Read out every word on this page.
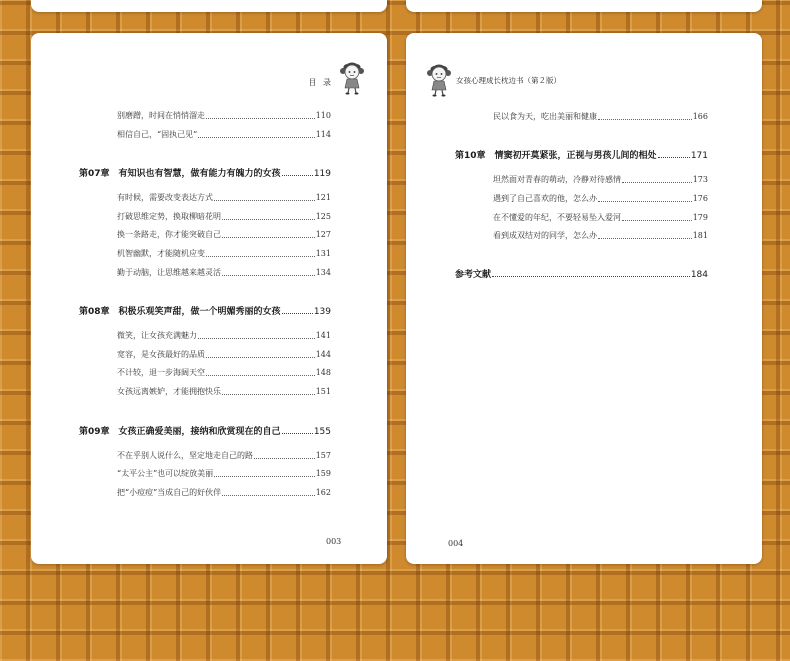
目 录
别磨蹭，时间在悄悄溜走	110
相信自己，“固执己见”	114
第07章　有知识也有智慧，做有能力有魄力的女孩	119
有时候，需要改变表达方式	121
打破思维定势，换取柳暗花明	125
换一条路走，你才能突破自己	127
机智幽默，才能随机应变	131
勤于动脑，让思维越来越灵活	134
第08章　积极乐观笑声甜，做一个明媚秀丽的女孩	139
微笑，让女孩充满魅力	141
宽容，是女孩最好的品质	144
不计较，退一步海阔天空	148
女孩远离嫉妒，才能拥抱快乐	151
第09章　女孩正确爱美丽，接纳和欣赏现在的自己	155
不在乎别人说什么，坚定地走自己的路	157
“太平公主”也可以绽放美丽	159
把“小痘痘”当成自己的好伙伴	162
003
女孩心理成长枕边书（第２版）
民以食为天，吃出美丽和健康	166
第10章　情窦初开莫紧张，正视与男孩儿间的相处	171
坦然面对青春的萌动，冷静对待感情	173
遇到了自己喜欢的他，怎么办	176
在不懂爱的年纪，不要轻易坠入爱河	179
看到成双结对的同学，怎么办	181
参考文献	184
004
